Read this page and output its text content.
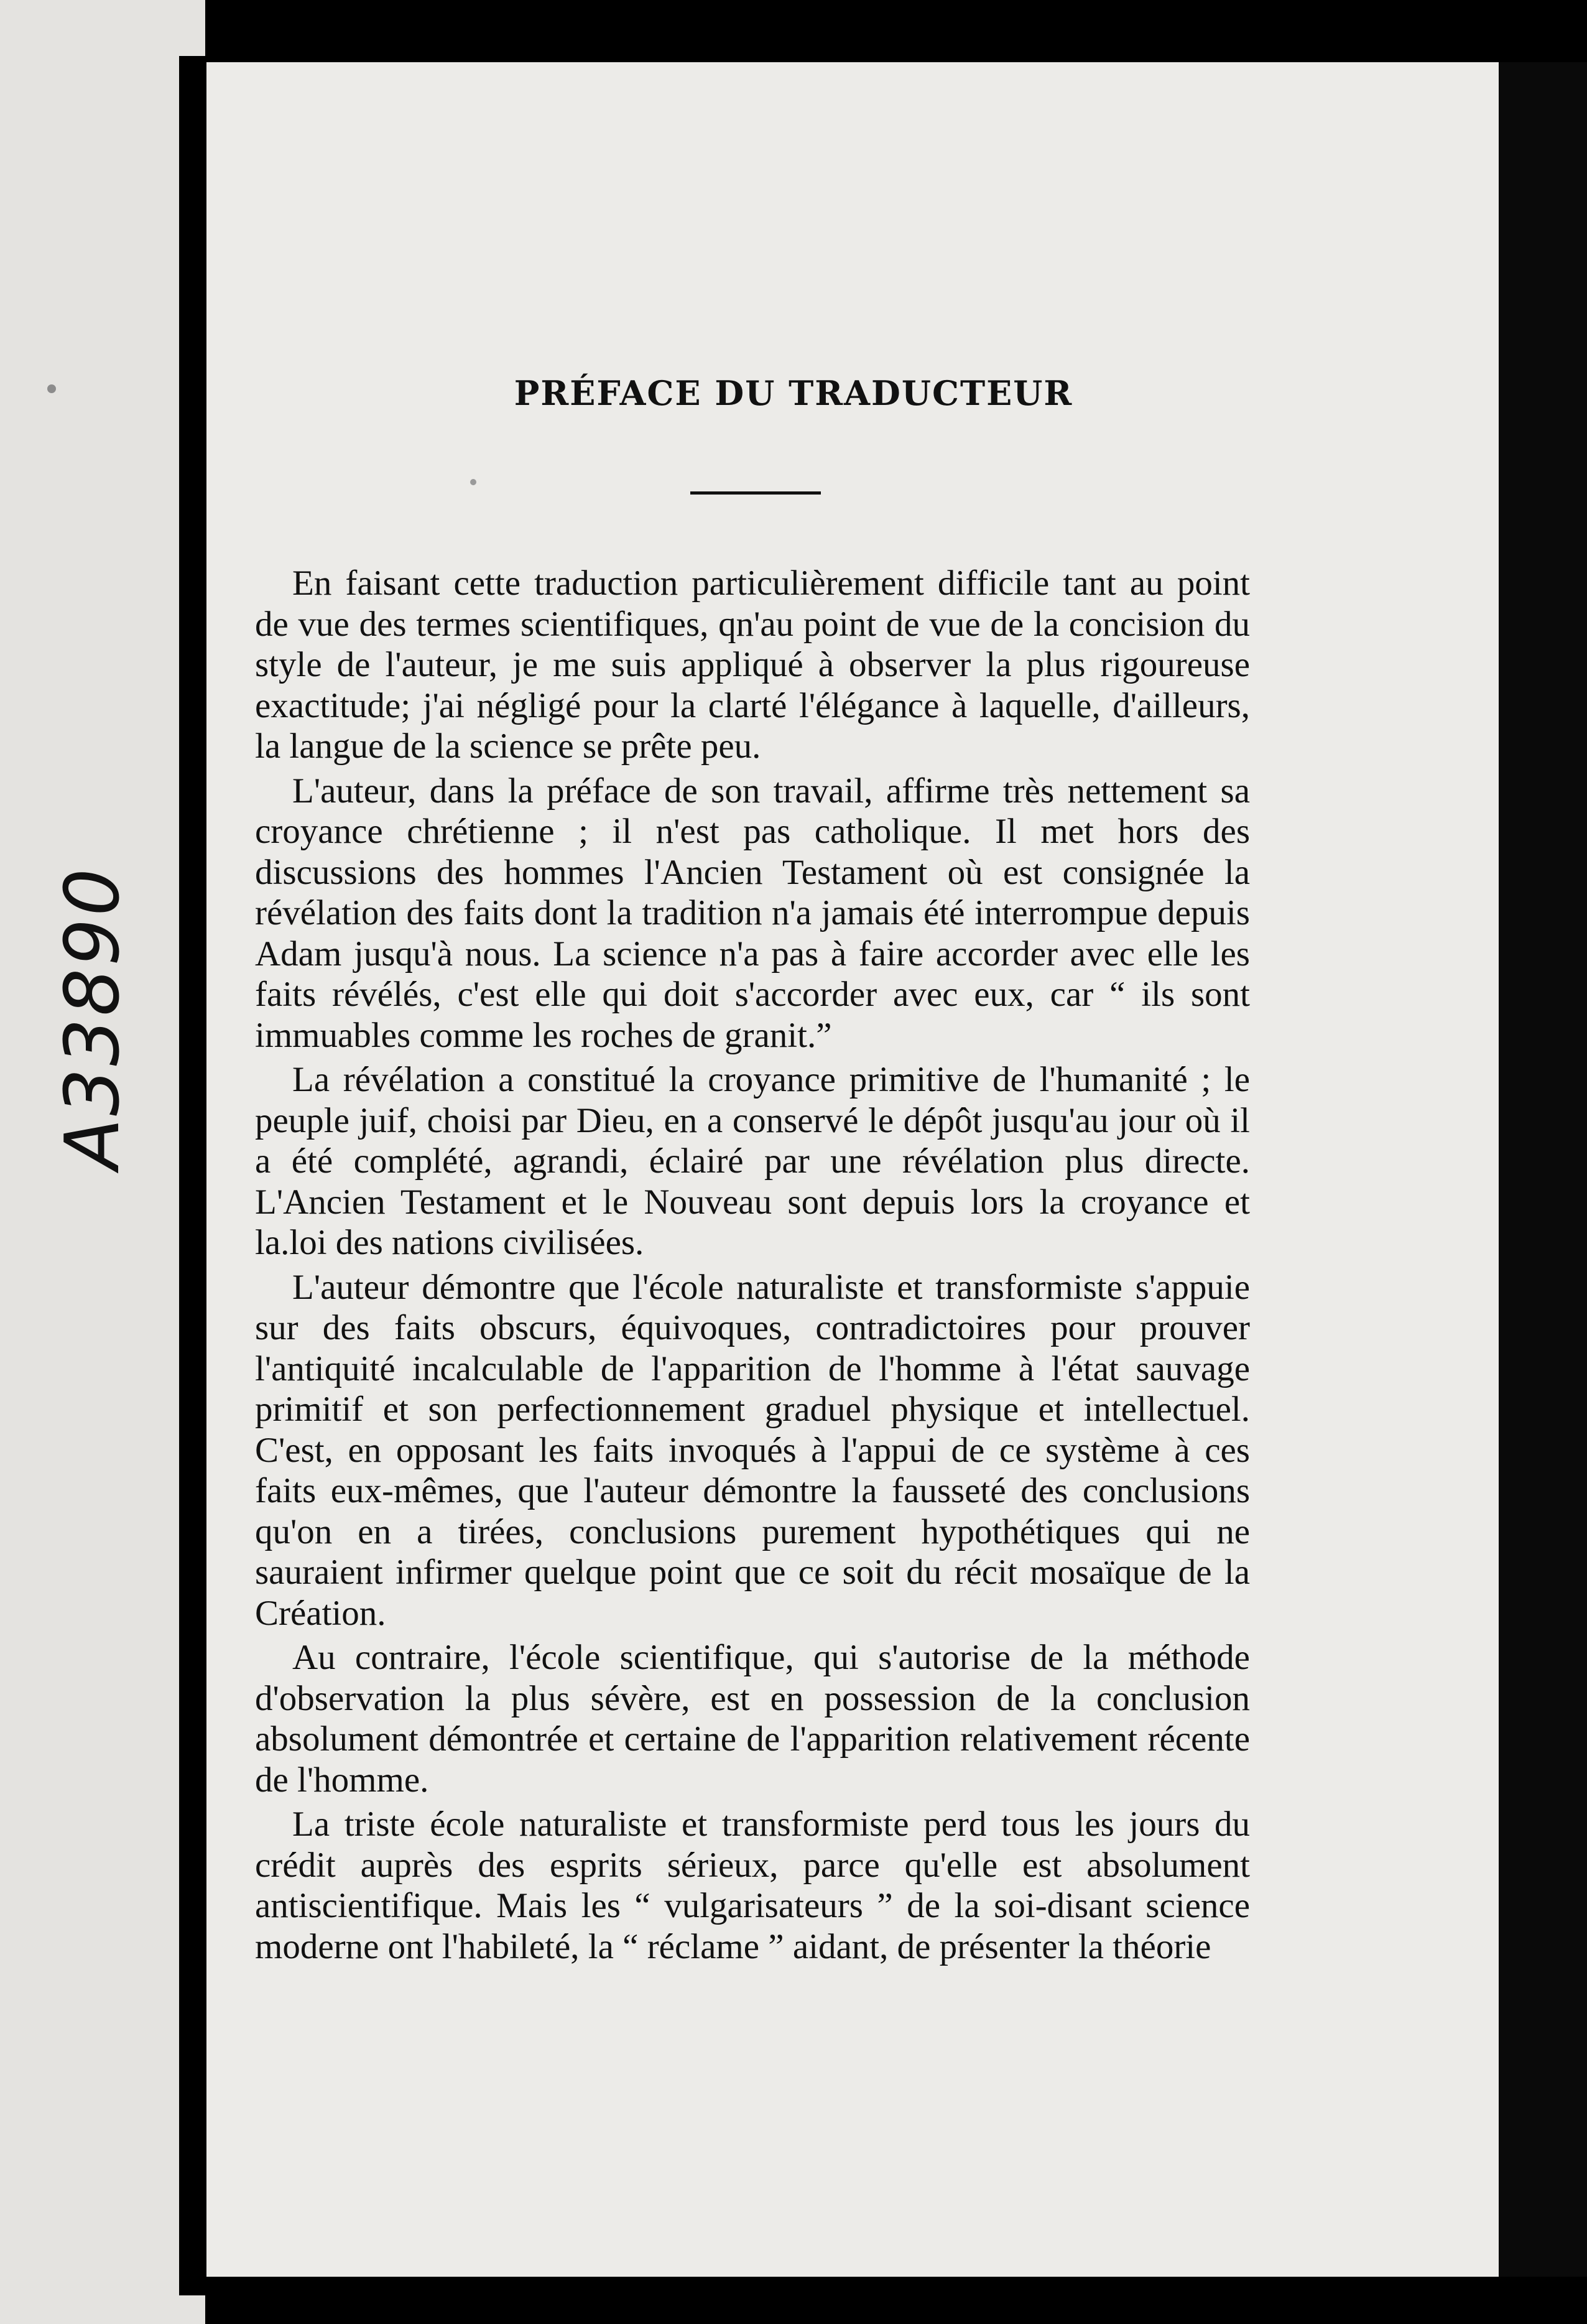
A33890
PRÉFACE DU TRADUCTEUR

En faisant cette traduction particulièrement difficile tant au point de vue des termes scientifiques, qn'au point de vue de la concision du style de l'auteur, je me suis appliqué à observer la plus rigoureuse exactitude; j'ai négligé pour la clarté l'élégance à laquelle, d'ailleurs, la langue de la science se prête peu.

L'auteur, dans la préface de son travail, affirme très nettement sa croyance chrétienne ; il n'est pas catholique. Il met hors des discussions des hommes l'Ancien Testament où est consignée la révélation des faits dont la tradition n'a jamais été interrompue depuis Adam jusqu'à nous. La science n'a pas à faire accorder avec elle les faits révélés, c'est elle qui doit s'accorder avec eux, car “ ils sont immuables comme les roches de granit.”

La révélation a constitué la croyance primitive de l'humanité ; le peuple juif, choisi par Dieu, en a conservé le dépôt jusqu'au jour où il a été complété, agrandi, éclairé par une révélation plus directe. L'Ancien Testament et le Nouveau sont depuis lors la croyance et la.loi des nations civilisées.

L'auteur démontre que l'école naturaliste et transformiste s'appuie sur des faits obscurs, équivoques, contradictoires pour prouver l'antiquité incalculable de l'apparition de l'homme à l'état sauvage primitif et son perfectionnement graduel physique et intellectuel. C'est, en opposant les faits invoqués à l'appui de ce système à ces faits eux-mêmes, que l'auteur démontre la fausseté des conclusions qu'on en a tirées, conclusions purement hypothétiques qui ne sauraient infirmer quelque point que ce soit du récit mosaïque de la Création.

Au contraire, l'école scientifique, qui s'autorise de la méthode d'observation la plus sévère, est en possession de la conclusion absolument démontrée et certaine de l'apparition relativement récente de l'homme.

La triste école naturaliste et transformiste perd tous les jours du crédit auprès des esprits sérieux, parce qu'elle est absolument antiscientifique. Mais les “ vulgarisateurs ” de la soi-disant science moderne ont l'habileté, la “ réclame ” aidant, de présenter la théorie
